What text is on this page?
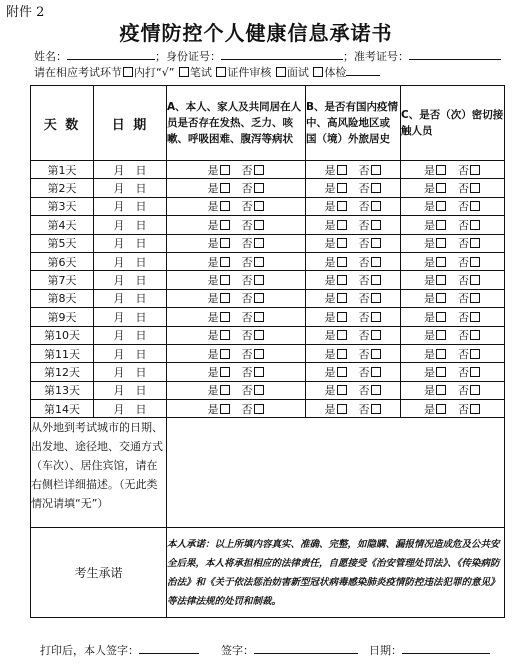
附件 2
疫情防控个人健康信息承诺书
姓名：	；身份证号：	；准考证号：
请在相应考试环节 内打“√” 笔试 证件审核 面试 体检
天 数	日 期	A、本人、家人及共同居在人员是否存在发热、乏力、咳嗽、呼吸困难、腹泻等病状	B、是否有国内疫情中、高风险地区或国（境）外旅居史	C、是否（次）密切接触人员
第1天	月　日	是　 否	是　 否	是　 否
第2天	月　日	是　 否	是　 否	是　 否
第3天	月　日	是　 否	是　 否	是　 否
第4天	月　日	是　 否	是　 否	是　 否
第5天	月　日	是　 否	是　 否	是　 否
第6天	月　日	是　 否	是　 否	是　 否
第7天	月　日	是　 否	是　 否	是　 否
第8天	月　日	是　 否	是　 否	是　 否
第9天	月　日	是　 否	是　 否	是　 否
第10天	月　日	是　 否	是　 否	是　 否
第11天	月　日	是　 否	是　 否	是　 否
第12天	月　日	是　 否	是　 否	是　 否
第13天	月　日	是　 否	是　 否	是　 否
第14天	月　日	是　 否	是　 否	是　 否
从外地到考试城市的日期、出发地、途径地、交通方式（车次）、居住宾馆，请在右侧栏详细描述。（无此类情况请填“无”）				
考生承诺		本人承诺：以上所填内容真实、准确、完整，如隐瞒、漏报情况造成危及公共安全后果，本人将承担相应的法律责任，自愿接受《治安管理处罚法》、《传染病防治法》和《关于依法惩治妨害新型冠状病毒感染肺炎疫情防控违法犯罪的意见》等法律法规的处罚和制裁。		
打印后，本人签字：　　	签字：　	日期：
